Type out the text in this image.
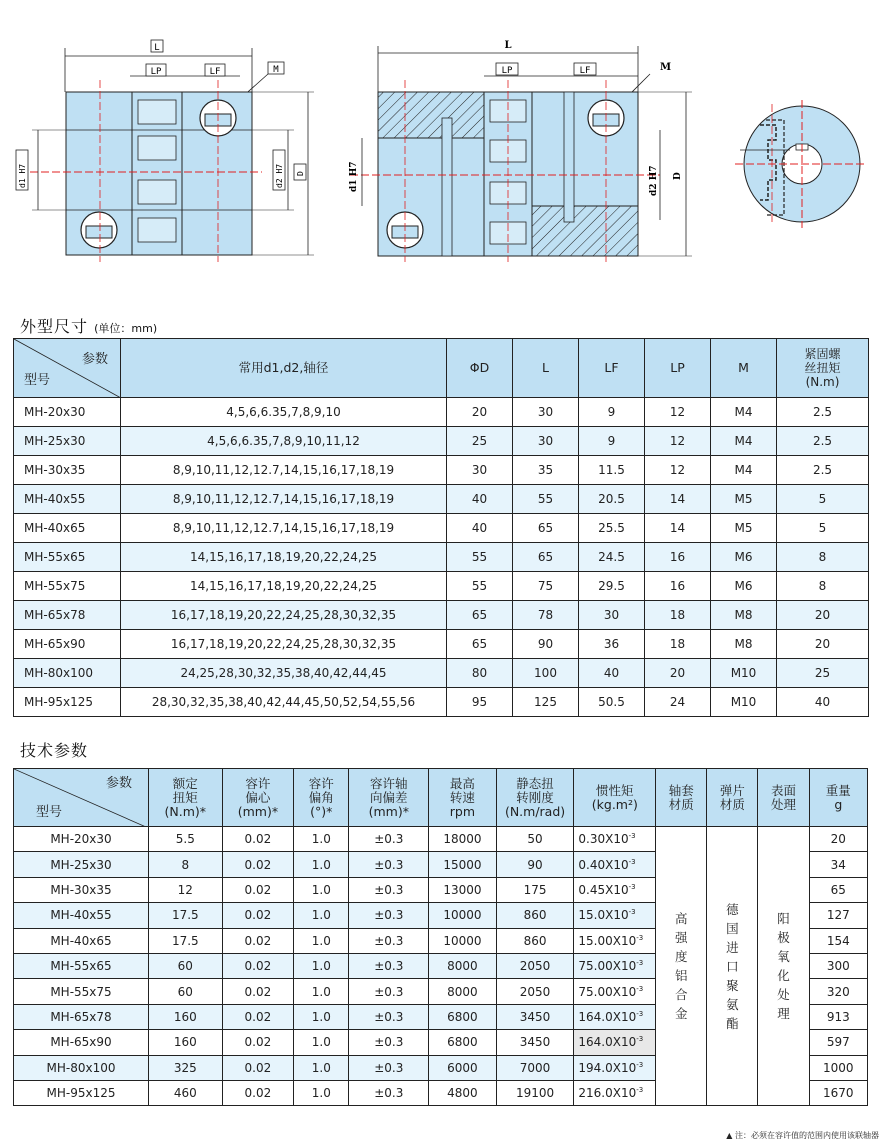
L
LP	LF	M
d1 H7	d2 H7 D
L
LP	LF	M
d1 H7	d2 H7 D
外型尺寸 (单位：mm)
参数
型号	常用d1,d2,轴径	ΦD	L	LF	LP	M	紧固螺
丝扭矩
(N.m)
MH-20x30	4,5,6,6.35,7,8,9,10	20	30	9	12	M4	2.5
MH-25x30	4,5,6,6.35,7,8,9,10,11,12	25	30	9	12	M4	2.5
MH-30x35	8,9,10,11,12,12.7,14,15,16,17,18,19	30	35	11.5	12	M4	2.5
MH-40x55	8,9,10,11,12,12.7,14,15,16,17,18,19	40	55	20.5	14	M5	5
MH-40x65	8,9,10,11,12,12.7,14,15,16,17,18,19	40	65	25.5	14	M5	5
MH-55x65	14,15,16,17,18,19,20,22,24,25	55	65	24.5	16	M6	8
MH-55x75	14,15,16,17,18,19,20,22,24,25	55	75	29.5	16	M6	8
MH-65x78	16,17,18,19,20,22,24,25,28,30,32,35	65	78	30	18	M8	20
MH-65x90	16,17,18,19,20,22,24,25,28,30,32,35	65	90	36	18	M8	20
MH-80x100	24,25,28,30,32,35,38,40,42,44,45	80	100	40	20	M10	25
MH-95x125	28,30,32,35,38,40,42,44,45,50,52,54,55,56	95	125	50.5	24	M10	40
技术参数
参数
型号	额定
扭矩
(N.m)*	容许
偏心
(mm)*	容许
偏角
(°)*	容许轴
向偏差
(mm)*	最高
转速
rpm	静态扭
转刚度
(N.m/rad)	惯性矩
(kg.m²)	轴套
材质	弹片
材质	表面
处理	重量
g

MH-20x30	5.5	0.02	1.0	±0.3	18000	50	$0.30X10^{-3}$	高强度铝合金	德国进口聚氨酯	阳极氧化处理	20
MH-25x30	8	0.02	1.0	±0.3	15000	90	$0.40X10^{-3}$				34
MH-30x35	12	0.02	1.0	±0.3	13000	175	$0.45X10^{-3}$				65
MH-40x55	17.5	0.02	1.0	±0.3	10000	860	$15.0X10^{-3}$				127
MH-40x65	17.5	0.02	1.0	±0.3	10000	860	$15.00X10^{-3}$				154
MH-55x65	60	0.02	1.0	±0.3	8000	2050	$75.00X10^{-3}$				300
MH-55x75	60	0.02	1.0	±0.3	8000	2050	$75.00X10^{-3}$				320
MH-65x78	160	0.02	1.0	±0.3	6800	3450	$164.0X10^{-3}$				913
MH-65x90	160	0.02	1.0	±0.3	6800	3450	$164.0X10^{-3}$				597
MH-80x100	325	0.02	1.0	±0.3	6000	7000	$194.0X10^{-3}$				1000
MH-95x125	460	0.02	1.0	±0.3	4800	19100	$216.0X10^{-3}$				1670
▲ 注：必须在容许值的范围内使用该联轴器
